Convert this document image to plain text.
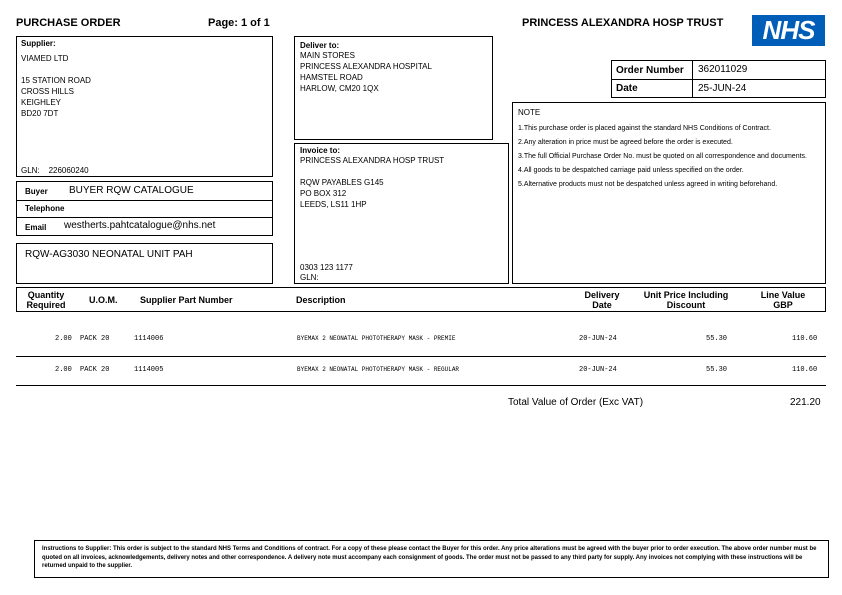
PURCHASE ORDER	Page: 1 of 1	PRINCESS ALEXANDRA HOSP TRUST	NHS
Supplier:
VIAMED LTD
15 STATION ROAD
CROSS HILLS
KEIGHLEY
BD20 7DT
GLN: 226060240
Deliver to:
MAIN STORES
PRINCESS ALEXANDRA HOSPITAL
HAMSTEL ROAD
HARLOW, CM20 1QX
Invoice to:
PRINCESS ALEXANDRA HOSP TRUST
RQW PAYABLES G145
PO BOX 312
LEEDS, LS11 1HP
0303 123 1177
GLN:
Order Number 362011029
Date	25-JUN-24
NOTE

1.This purchase order is placed against the standard NHS Conditions of Contract.

2.Any alteration in price must be agreed before the order is executed.

3.The full Official Purchase Order No. must be quoted on all correspondence and documents.

4.All goods to be despatched carriage paid unless specified on the order.

5.Alternative products must not be despatched unless agreed in writing beforehand.

Buyer BUYER RQW CATALOGUE
Telephone
Email westherts.pahtcatalogue@nhs.net
RQW-AG3030 NEONATAL UNIT PAH
Quantity Required	U.O.M.	Supplier Part Number	Description	Delivery Date
Unit Price Including Discount
Line Value GBP
2.00 PACK 20	1114006	BYEMAX 2 NEONATAL PHOTOTHERAPY MASK - PREMIE	20-JUN-24	55.30	110.60
2.00 PACK 20	1114005	BYEMAX 2 NEONATAL PHOTOTHERAPY MASK - REGULAR	20-JUN-24	55.30	110.60
Total Value of Order (Exc VAT)	221.20
Instructions to Supplier: This order is subject to the standard NHS Terms and Conditions of contract. For a copy of these please contact the Buyer for this order. Any price alterations must be agreed with the buyer prior to order execution. The above order number must be quoted on all invoices, acknowledgements, delivery notes and other correspondence. A delivery note must accompany each consignment of goods. The order must not be passed to any third party for supply. Any invoices not complying with these instructions will be returned unpaid to the supplier.
